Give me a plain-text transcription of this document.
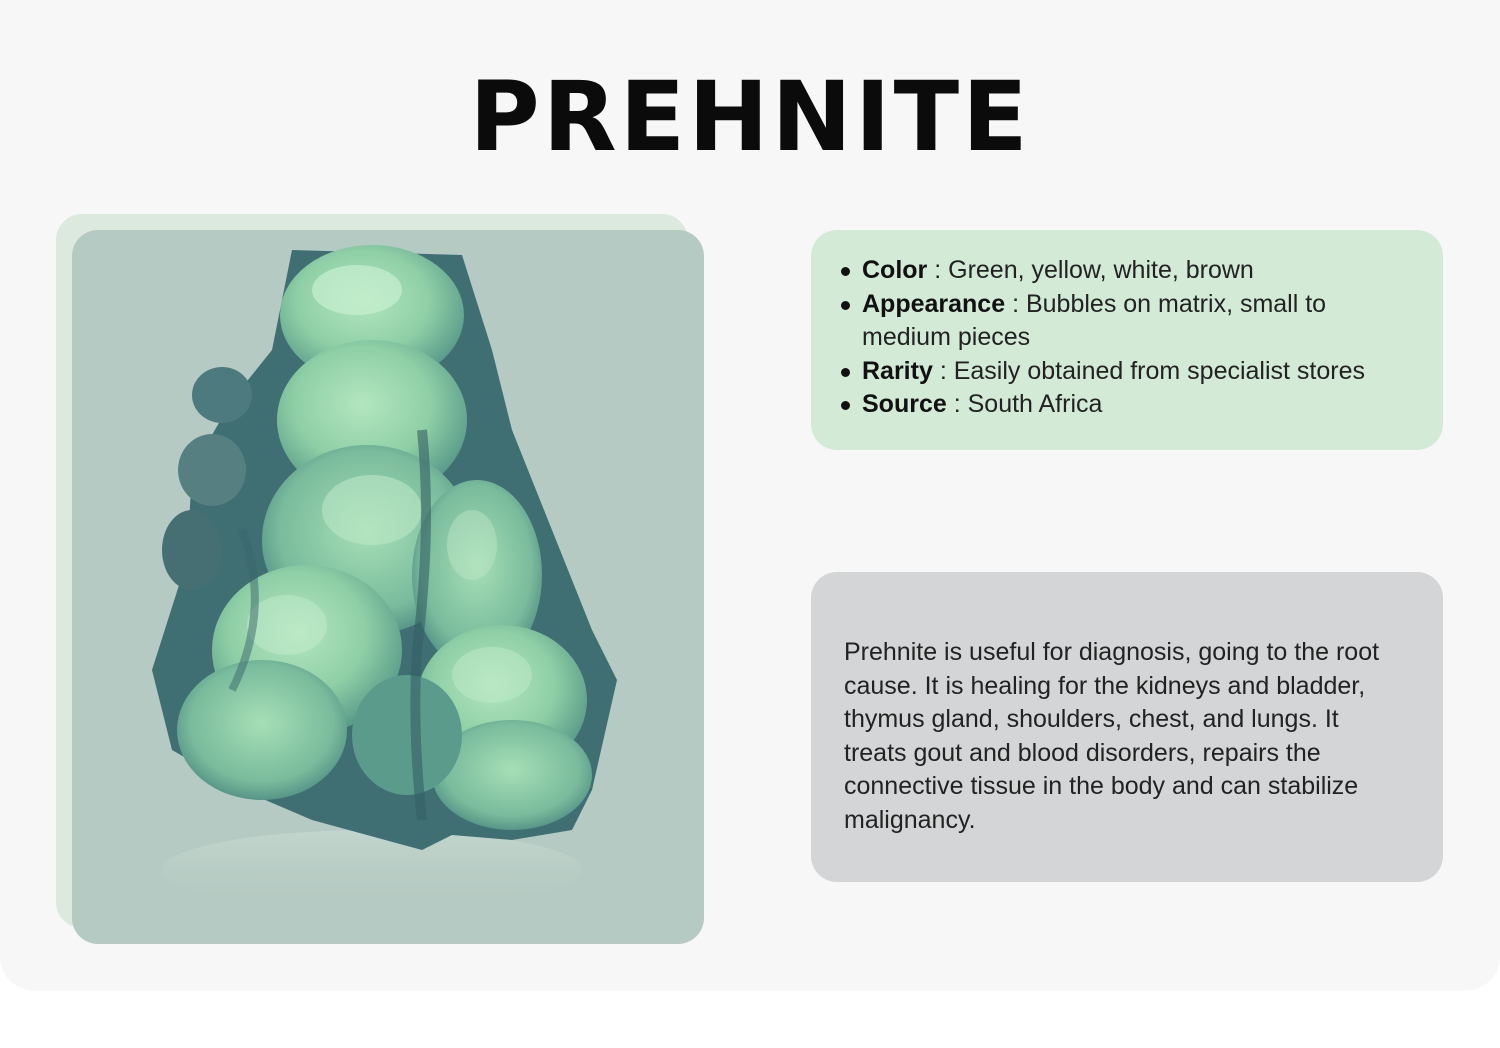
PREHNITE
Color : Green, yellow, white, brown
Appearance : Bubbles on matrix, small to medium pieces
Rarity : Easily obtained from specialist stores
Source : South Africa

Prehnite is useful for diagnosis, going to the root cause. It is healing for the kidneys and bladder, thymus gland, shoulders, chest, and lungs. It treats gout and blood disorders, repairs the connective tissue in the body and can stabilize malignancy.
